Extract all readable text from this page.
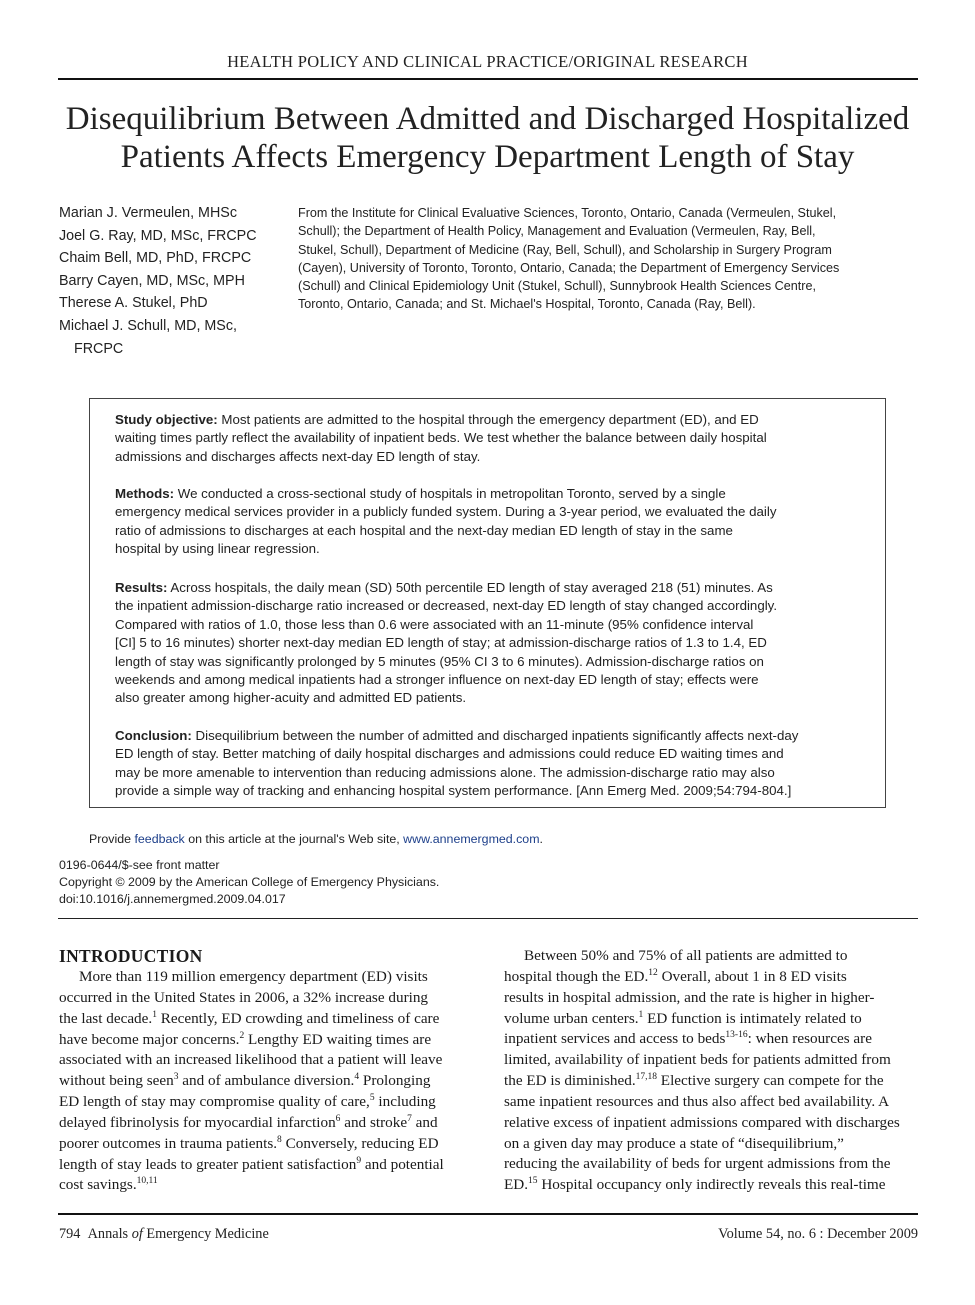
HEALTH POLICY AND CLINICAL PRACTICE/ORIGINAL RESEARCH
Disequilibrium Between Admitted and Discharged Hospitalized
Patients Affects Emergency Department Length of Stay
Marian J. Vermeulen, MHSc
Joel G. Ray, MD, MSc, FRCPC
Chaim Bell, MD, PhD, FRCPC
Barry Cayen, MD, MSc, MPH
Therese A. Stukel, PhD
Michael J. Schull, MD, MSc,
FRCPC
From the Institute for Clinical Evaluative Sciences, Toronto, Ontario, Canada (Vermeulen, Stukel,
Schull); the Department of Health Policy, Management and Evaluation (Vermeulen, Ray, Bell,
Stukel, Schull), Department of Medicine (Ray, Bell, Schull), and Scholarship in Surgery Program
(Cayen), University of Toronto, Toronto, Ontario, Canada; the Department of Emergency Services
(Schull) and Clinical Epidemiology Unit (Stukel, Schull), Sunnybrook Health Sciences Centre,
Toronto, Ontario, Canada; and St. Michael's Hospital, Toronto, Canada (Ray, Bell).
Study objective: Most patients are admitted to the hospital through the emergency department (ED), and ED
waiting times partly reflect the availability of inpatient beds. We test whether the balance between daily hospital
admissions and discharges affects next-day ED length of stay.
Methods: We conducted a cross-sectional study of hospitals in metropolitan Toronto, served by a single
emergency medical services provider in a publicly funded system. During a 3-year period, we evaluated the daily
ratio of admissions to discharges at each hospital and the next-day median ED length of stay in the same
hospital by using linear regression.
Results: Across hospitals, the daily mean (SD) 50th percentile ED length of stay averaged 218 (51) minutes. As
the inpatient admission-discharge ratio increased or decreased, next-day ED length of stay changed accordingly.
Compared with ratios of 1.0, those less than 0.6 were associated with an 11-minute (95% confidence interval
[CI] 5 to 16 minutes) shorter next-day median ED length of stay; at admission-discharge ratios of 1.3 to 1.4, ED
length of stay was significantly prolonged by 5 minutes (95% CI 3 to 6 minutes). Admission-discharge ratios on
weekends and among medical inpatients had a stronger influence on next-day ED length of stay; effects were
also greater among higher-acuity and admitted ED patients.
Conclusion: Disequilibrium between the number of admitted and discharged inpatients significantly affects next-day
ED length of stay. Better matching of daily hospital discharges and admissions could reduce ED waiting times and
may be more amenable to intervention than reducing admissions alone. The admission-discharge ratio may also
provide a simple way of tracking and enhancing hospital system performance. [Ann Emerg Med. 2009;54:794-804.]
Provide feedback on this article at the journal's Web site, www.annemergmed.com.
0196-0644/$-see front matter
Copyright © 2009 by the American College of Emergency Physicians.
doi:10.1016/j.annemergmed.2009.04.017
INTRODUCTION
More than 119 million emergency department (ED) visits
occurred in the United States in 2006, a 32% increase during
the last decade.$^1$ Recently, ED crowding and timeliness of care
have become major concerns.$^2$ Lengthy ED waiting times are
associated with an increased likelihood that a patient will leave
without being seen$^3$ and of ambulance diversion.$^4$ Prolonging
ED length of stay may compromise quality of care,$^5$ including
delayed fibrinolysis for myocardial infarction$^6$ and stroke$^7$ and
poorer outcomes in trauma patients.$^8$ Conversely, reducing ED
length of stay leads to greater patient satisfaction$^9$ and potential
cost savings.$^{10,11}$
Between 50% and 75% of all patients are admitted to
hospital though the ED.$^{12}$ Overall, about 1 in 8 ED visits
results in hospital admission, and the rate is higher in higher-
volume urban centers.$^1$ ED function is intimately related to
inpatient services and access to beds$^{13-16}$: when resources are
limited, availability of inpatient beds for patients admitted from
the ED is diminished.$^{17,18}$ Elective surgery can compete for the
same inpatient resources and thus also affect bed availability. A
relative excess of inpatient admissions compared with discharges
on a given day may produce a state of “disequilibrium,”
reducing the availability of beds for urgent admissions from the
ED.$^{15}$ Hospital occupancy only indirectly reveals this real-time
794 Annals of Emergency Medicine	Volume 54, no. 6 : December 2009
